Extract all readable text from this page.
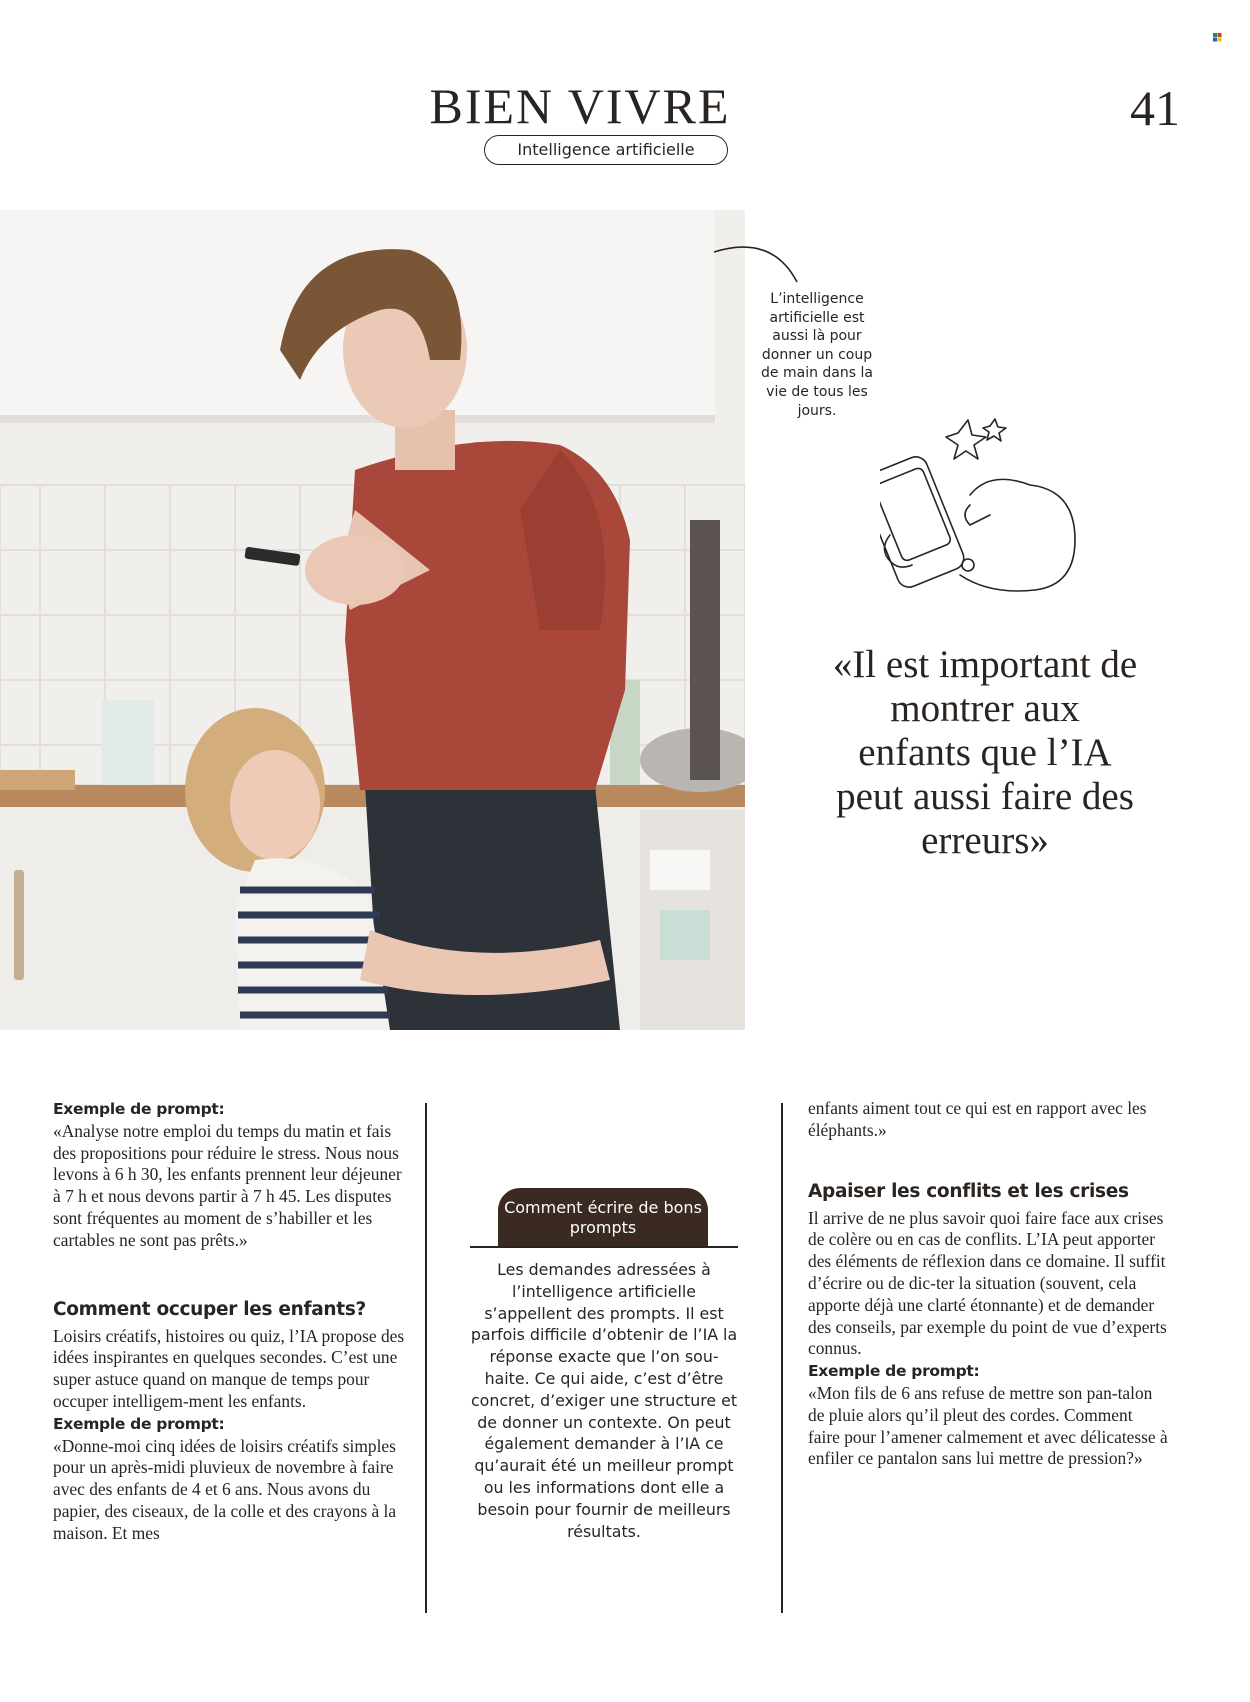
BIEN VIVRE
Intelligence artificielle
41
L’intelligence artificielle est aussi là pour donner un coup de main dans la vie de tous les jours.
«Il est important de montrer aux enfants que l’IA peut aussi faire des erreurs»

Exemple de prompt:

«Analyse notre emploi du temps du matin et fais des propositions pour réduire le stress. Nous nous levons à 6 h 30, les enfants prennent leur déjeuner à 7 h et nous devons partir à 7 h 45. Les disputes sont fréquentes au moment de s’habiller et les cartables ne sont pas prêts.»

Comment occuper les enfants?

Loisirs créatifs, histoires ou quiz, l’IA propose des idées inspirantes en quelques secondes. C’est une super astuce quand on manque de temps pour occuper intelligem-ment les enfants.

Exemple de prompt:

«Donne-moi cinq idées de loisirs créatifs simples pour un après-midi pluvieux de novembre à faire avec des enfants de 4 et 6 ans. Nous avons du papier, des ciseaux, de la colle et des crayons à la maison. Et mes

Comment écrire de bons prompts
Les demandes adressées à l’intelligence artificielle s’appellent des prompts. Il est parfois difficile d’obtenir de l’IA la réponse exacte que l’on sou-haite. Ce qui aide, c’est d’être concret, d’exiger une structure et de donner un contexte. On peut également demander à l’IA ce qu’aurait été un meilleur prompt ou les informations dont elle a besoin pour fournir de meilleurs résultats.

enfants aiment tout ce qui est en rapport avec les éléphants.»

Apaiser les conflits et les crises

Il arrive de ne plus savoir quoi faire face aux crises de colère ou en cas de conflits. L’IA peut apporter des éléments de réflexion dans ce domaine. Il suffit d’écrire ou de dic-ter la situation (souvent, cela apporte déjà une clarté étonnante) et de demander des conseils, par exemple du point de vue d’experts connus.

Exemple de prompt:

«Mon fils de 6 ans refuse de mettre son pan-talon de pluie alors qu’il pleut des cordes. Comment faire pour l’amener calmement et avec délicatesse à enfiler ce pantalon sans lui mettre de pression?»
